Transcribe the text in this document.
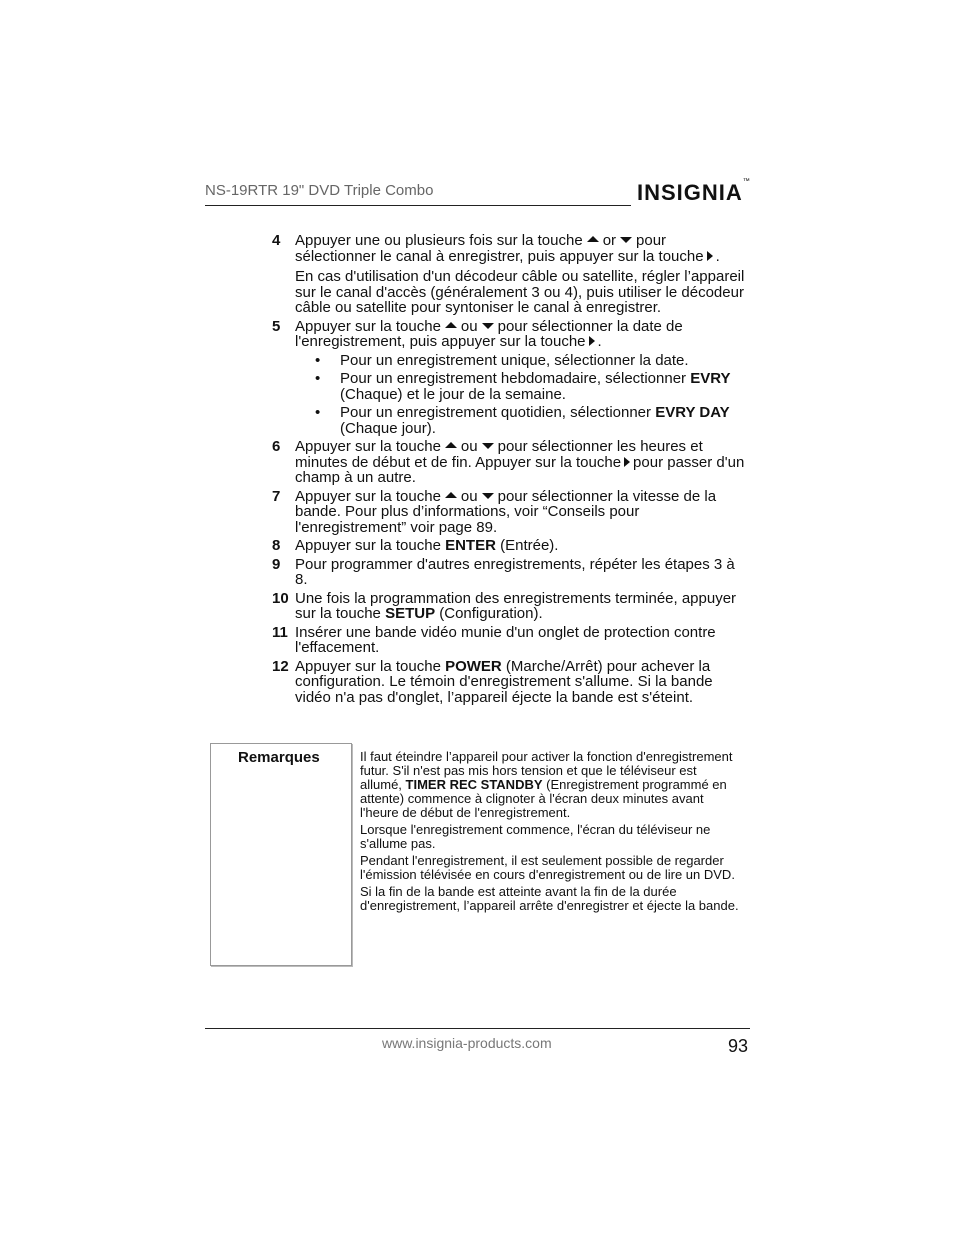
NS-19RTR 19" DVD Triple Combo	INSIGNIA™
4 Appuyer une ou plusieurs fois sur la touche or pour sélectionner le canal à enregistrer, puis appuyer sur la touche .

En cas d'utilisation d'un décodeur câble ou satellite, régler l’appareil sur le canal d'accès (généralement 3 ou 4), puis utiliser le décodeur câble ou satellite pour syntoniser le canal à enregistrer.

5 Appuyer sur la touche ou pour sélectionner la date de l'enregistrement, puis appuyer sur la touche .

• Pour un enregistrement unique, sélectionner la date.
• Pour un enregistrement hebdomadaire, sélectionner EVRY (Chaque) et le jour de la semaine.
• Pour un enregistrement quotidien, sélectionner EVRY DAY (Chaque jour).
6 Appuyer sur la touche ou pour sélectionner les heures et minutes de début et de fin. Appuyer sur la touche pour passer d'un champ à un autre.

7 Appuyer sur la touche ou pour sélectionner la vitesse de la bande. Pour plus d’informations, voir “Conseils pour l'enregistrement” voir page 89.

8 Appuyer sur la touche ENTER (Entrée).

9 Pour programmer d'autres enregistrements, répéter les étapes 3 à 8.

10 Une fois la programmation des enregistrements terminée, appuyer sur la touche SETUP (Configuration).

11 Insérer une bande vidéo munie d'un onglet de protection contre l'effacement.

12 Appuyer sur la touche POWER (Marche/Arrêt) pour achever la configuration. Le témoin d'enregistrement s'allume. Si la bande vidéo n'a pas d'onglet, l’appareil éjecte la bande est s'éteint.

Remarques	Il faut éteindre l’appareil pour activer la fonction d'enregistrement futur. S'il n'est pas mis hors tension et que le téléviseur est allumé, TIMER REC STANDBY (Enregistrement programmé en attente) commence à clignoter à l'écran deux minutes avant l'heure de début de l'enregistrement.

Lorsque l'enregistrement commence, l'écran du téléviseur ne s'allume pas.

Pendant l'enregistrement, il est seulement possible de regarder l'émission télévisée en cours d'enregistrement ou de lire un DVD.

Si la fin de la bande est atteinte avant la fin de la durée d'enregistrement, l’appareil arrête d'enregistrer et éjecte la bande.

www.insignia-products.com	93
